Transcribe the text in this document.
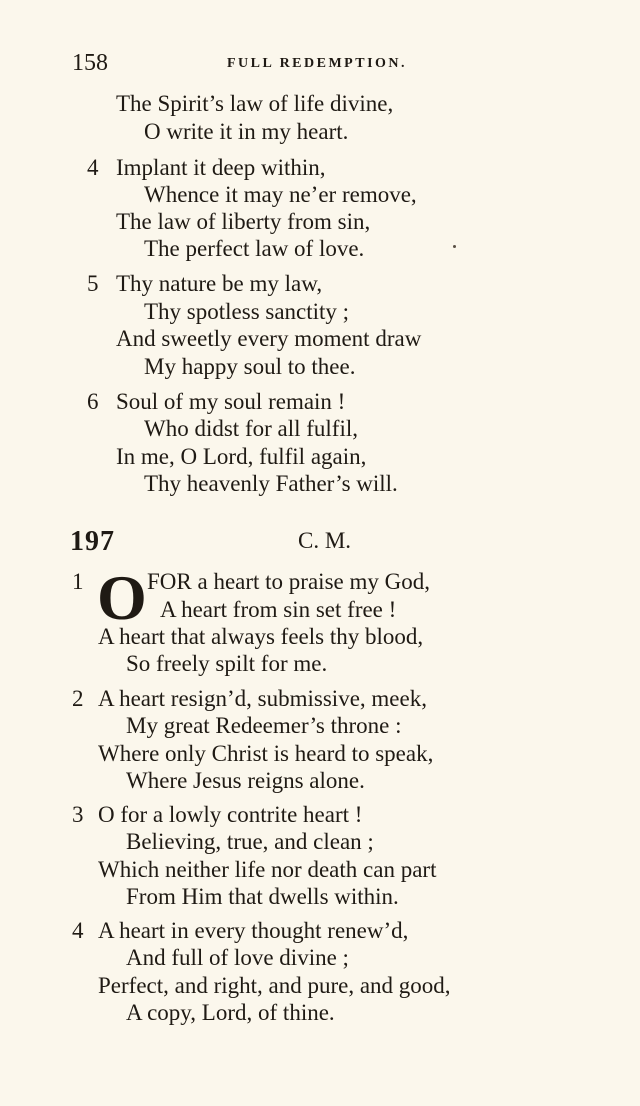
158	FULL REDEMPTION.
The Spirit’s law of life divine,
O write it in my heart.
4 Implant it deep within,
Whence it may ne’er remove,
The law of liberty from sin,
The perfect law of love.
5 Thy nature be my law,
Thy spotless sanctity ;
And sweetly every moment draw
My happy soul to thee.
6 Soul of my soul remain !
Who didst for all fulfil,
In me, O Lord, fulfil again,
Thy heavenly Father’s will.
197	C. M.
1 O FOR a heart to praise my God,
A heart from sin set free !
A heart that always feels thy blood,
So freely spilt for me.
2 A heart resign’d, submissive, meek,
My great Redeemer’s throne :
Where only Christ is heard to speak,
Where Jesus reigns alone.
3 O for a lowly contrite heart !
Believing, true, and clean ;
Which neither life nor death can part
From Him that dwells within.
4 A heart in every thought renew’d,
And full of love divine ;
Perfect, and right, and pure, and good,
A copy, Lord, of thine.
